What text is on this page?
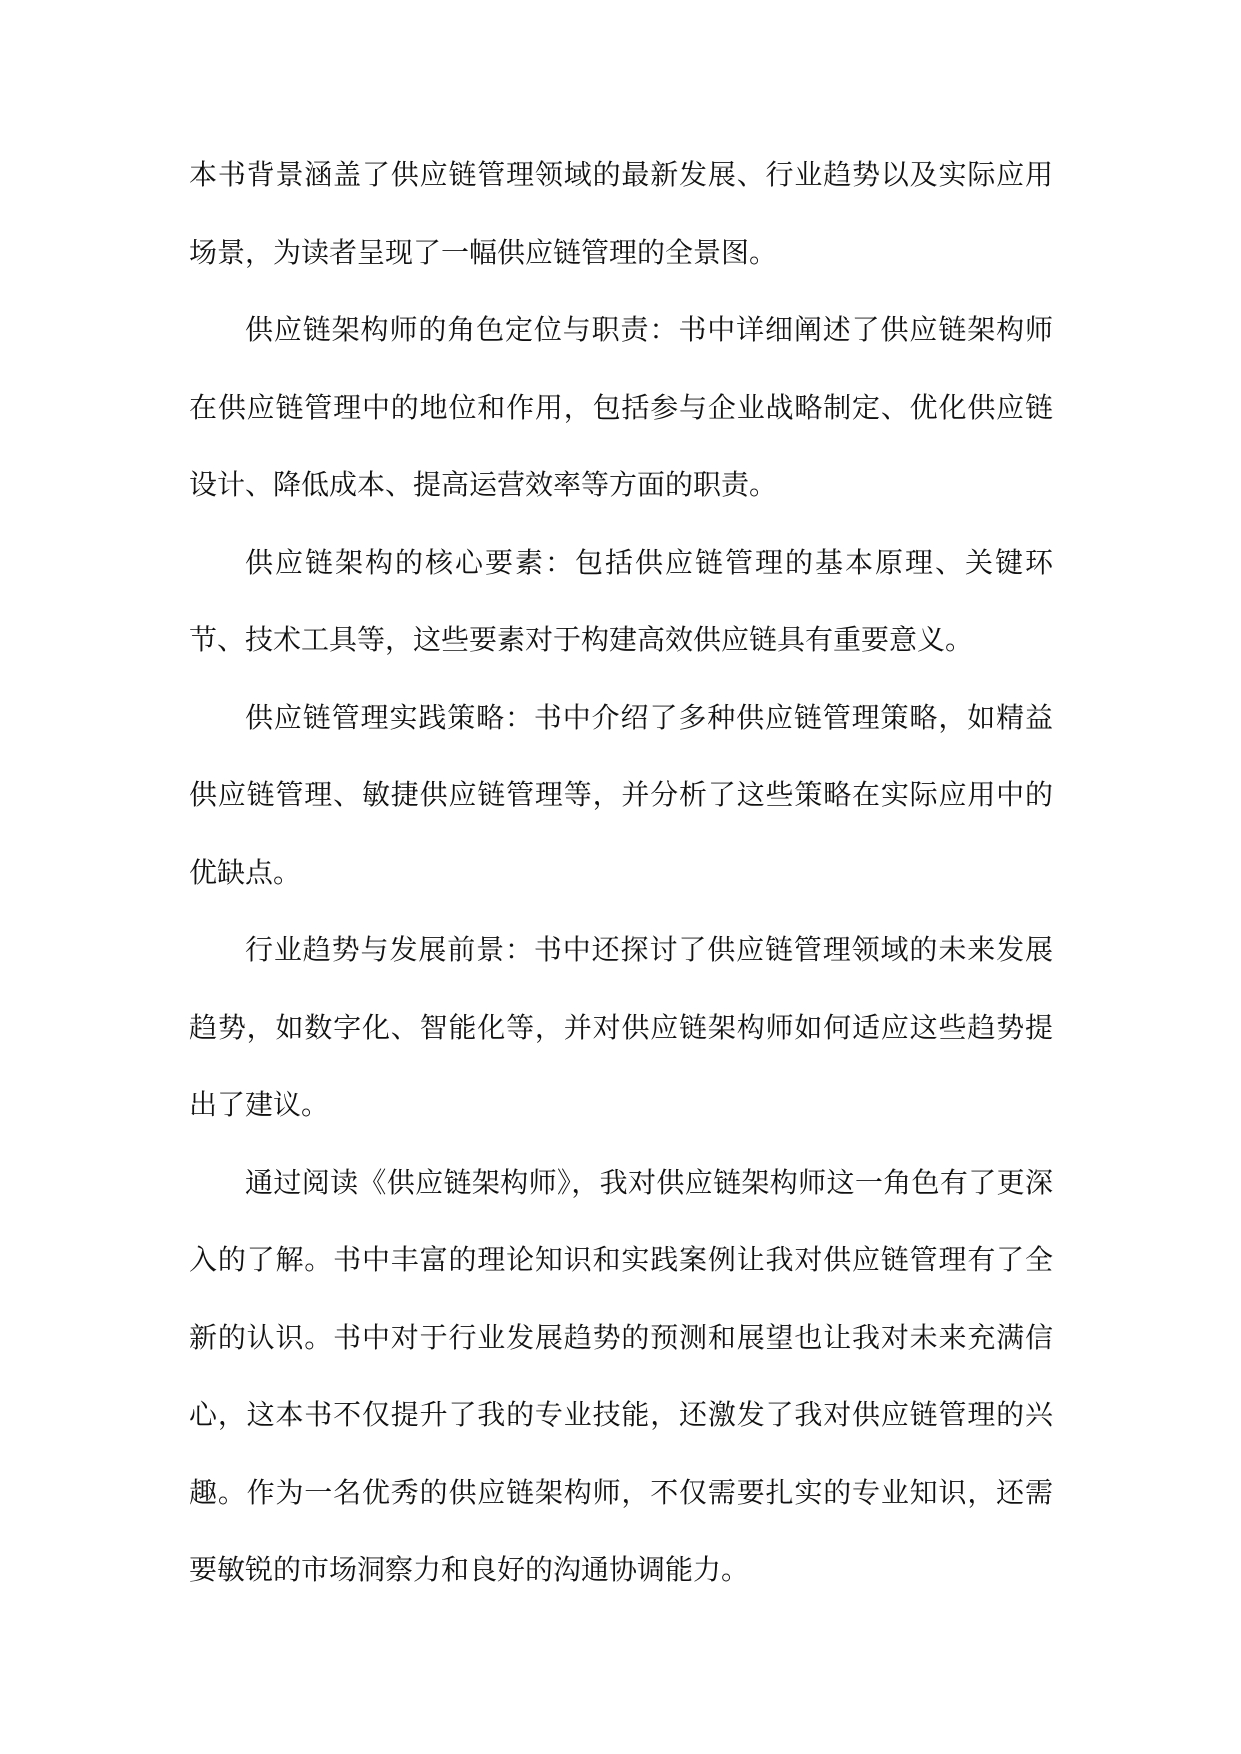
本书背景涵盖了供应链管理领域的最新发展、行业趋势以及实际应用场景，为读者呈现了一幅供应链管理的全景图。

供应链架构师的角色定位与职责：书中详细阐述了供应链架构师在供应链管理中的地位和作用，包括参与企业战略制定、优化供应链设计、降低成本、提高运营效率等方面的职责。

供应链架构的核心要素：包括供应链管理的基本原理、关键环节、技术工具等，这些要素对于构建高效供应链具有重要意义。

供应链管理实践策略：书中介绍了多种供应链管理策略，如精益供应链管理、敏捷供应链管理等，并分析了这些策略在实际应用中的优缺点。

行业趋势与发展前景：书中还探讨了供应链管理领域的未来发展趋势，如数字化、智能化等，并对供应链架构师如何适应这些趋势提出了建议。

通过阅读《供应链架构师》，我对供应链架构师这一角色有了更深入的了解。书中丰富的理论知识和实践案例让我对供应链管理有了全新的认识。书中对于行业发展趋势的预测和展望也让我对未来充满信心，这本书不仅提升了我的专业技能，还激发了我对供应链管理的兴趣。作为一名优秀的供应链架构师，不仅需要扎实的专业知识，还需要敏锐的市场洞察力和良好的沟通协调能力。
